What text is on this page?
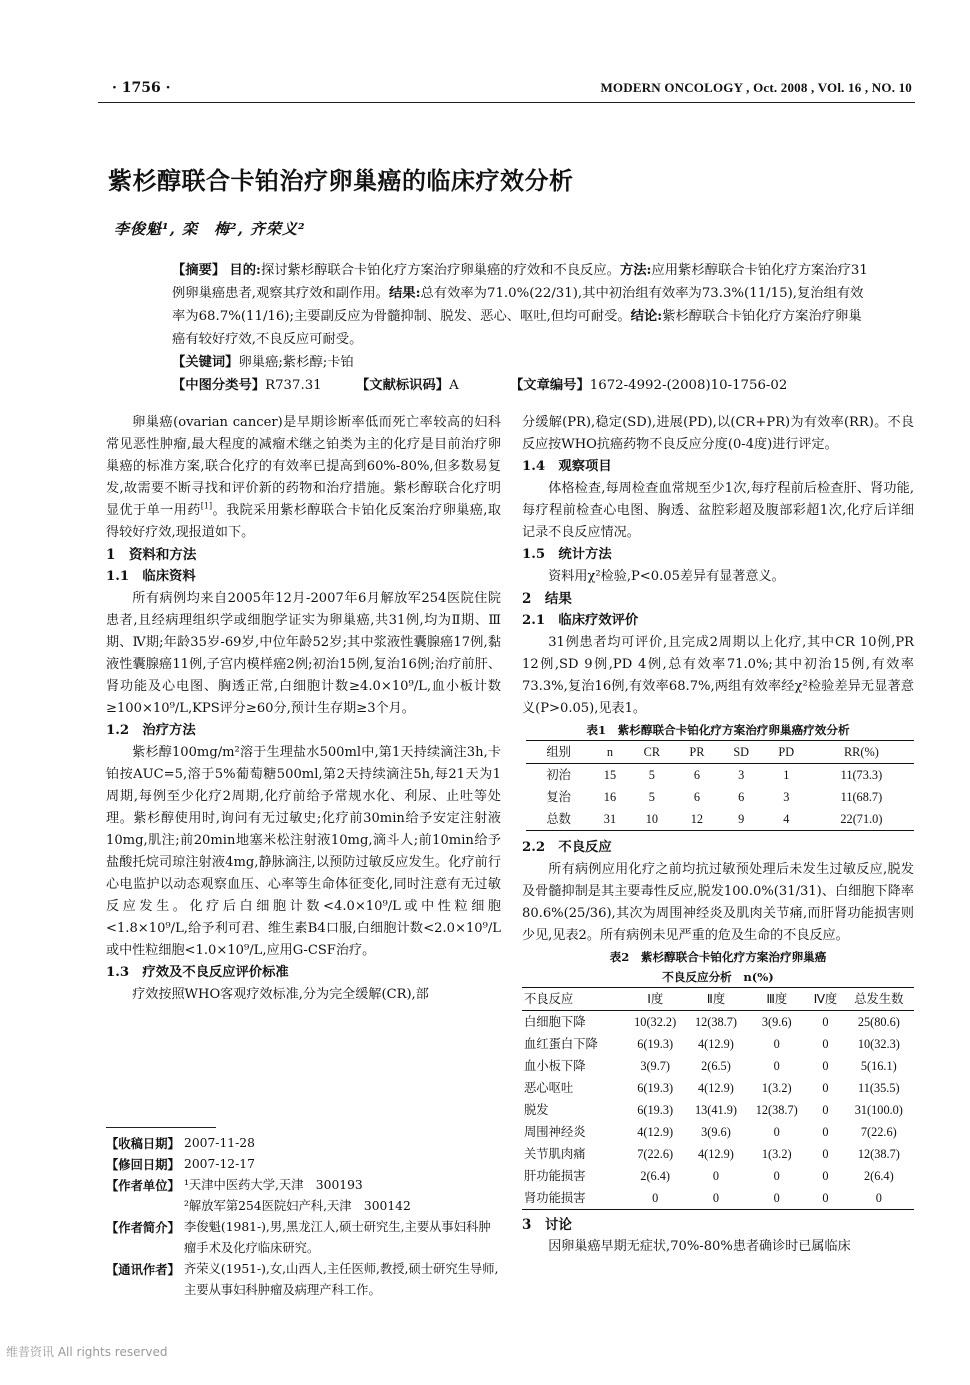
· 1756 ·	MODERN ONCOLOGY , Oct. 2008 , VOl. 16 , NO. 10
紫杉醇联合卡铂治疗卵巢癌的临床疗效分析
李俊魁¹, 栾　梅², 齐荣义²
【摘要】 目的:探讨紫杉醇联合卡铂化疗方案治疗卵巢癌的疗效和不良反应。方法:应用紫杉醇联合卡铂化疗方案治疗31例卵巢癌患者,观察其疗效和副作用。结果:总有效率为71.0%(22/31),其中初治组有效率为73.3%(11/15),复治组有效率为68.7%(11/16);主要副反应为骨髓抑制、脱发、恶心、呕吐,但均可耐受。结论:紫杉醇联合卡铂化疗方案治疗卵巢癌有较好疗效,不良反应可耐受。
【关键词】卵巢癌;紫杉醇;卡铂
【中图分类号】R737.31	【文献标识码】A	【文章编号】1672-4992-(2008)10-1756-02

卵巢癌(ovarian cancer)是早期诊断率低而死亡率较高的妇科常见恶性肿瘤,最大程度的减瘤术继之铂类为主的化疗是目前治疗卵巢癌的标准方案,联合化疗的有效率已提高到60%-80%,但多数易复发,故需要不断寻找和评价新的药物和治疗措施。紫杉醇联合化疗明显优于单一用药[1]。我院采用紫杉醇联合卡铂化反案治疗卵巢癌,取得较好疗效,现报道如下。

1　资料和方法

1.1　临床资料

所有病例均来自2005年12月-2007年6月解放军254医院住院患者,且经病理组织学或细胞学证实为卵巢癌,共31例,均为Ⅱ期、Ⅲ期、Ⅳ期;年龄35岁-69岁,中位年龄52岁;其中浆液性囊腺癌17例,黏液性囊腺癌11例,子宫内模样癌2例;初治15例,复治16例;治疗前肝、肾功能及心电图、胸透正常,白细胞计数≥4.0×10⁹/L,血小板计数≥100×10⁹/L,KPS评分≥60分,预计生存期≥3个月。

1.2　治疗方法

紫杉醇100mg/m²溶于生理盐水500ml中,第1天持续滴注3h,卡铂按AUC=5,溶于5%葡萄糖500ml,第2天持续滴注5h,每21天为1周期,每例至少化疗2周期,化疗前给予常规水化、利尿、止吐等处理。紫杉醇使用时,询问有无过敏史;化疗前30min给予安定注射液10mg,肌注;前20min地塞米松注射液10mg,滴斗人;前10min给予盐酸托烷司琼注射液4mg,静脉滴注,以预防过敏反应发生。化疗前行心电监护以动态观察血压、心率等生命体征变化,同时注意有无过敏反应发生。化疗后白细胞计数<4.0×10⁹/L或中性粒细胞<1.8×10⁹/L,给予利可君、维生素B4口服,白细胞计数<2.0×10⁹/L或中性粒细胞<1.0×10⁹/L,应用G-CSF治疗。

1.3　疗效及不良反应评价标准

疗效按照WHO客观疗效标准,分为完全缓解(CR),部

【收稿日期】 2007-11-28
【修回日期】 2007-12-17
【作者单位】 ¹天津中医药大学,天津　300193
²解放军第254医院妇产科,天津　300142
【作者简介】 李俊魁(1981-),男,黑龙江人,硕士研究生,主要从事妇科肿瘤手术及化疗临床研究。
【通讯作者】 齐荣义(1951-),女,山西人,主任医师,教授,硕士研究生导师,主要从事妇科肿瘤及病理产科工作。

分缓解(PR),稳定(SD),进展(PD),以(CR+PR)为有效率(RR)。不良反应按WHO抗癌药物不良反应分度(0-4度)进行评定。

1.4　观察项目

体格检查,每周检查血常规至少1次,每疗程前后检查肝、肾功能,每疗程前检查心电图、胸透、盆腔彩超及腹部彩超1次,化疗后详细记录不良反应情况。

1.5　统计方法

资料用χ²检验,P<0.05差异有显著意义。

2　结果

2.1　临床疗效评价

31例患者均可评价,且完成2周期以上化疗,其中CR 10例,PR 12例,SD 9例,PD 4例,总有效率71.0%;其中初治15例,有效率73.3%,复治16例,有效率68.7%,两组有效率经χ²检验差异无显著意义(P>0.05),见表1。

表1　紫杉醇联合卡铂化疗方案治疗卵巢癌疗效分析
组别	n	CR	PR	SD	PD	RR(%)
初治	15	5	6	3	1	11(73.3)
复治	16	5	6	6	3	11(68.7)
总数	31	10	12	9	4	22(71.0)

2.2　不良反应

所有病例应用化疗之前均抗过敏预处理后未发生过敏反应,脱发及骨髓抑制是其主要毒性反应,脱发100.0%(31/31)、白细胞下降率80.6%(25/36),其次为周围神经炎及肌肉关节痛,而肝肾功能损害则少见,见表2。所有病例未见严重的危及生命的不良反应。

表2　紫杉醇联合卡铂化疗方案治疗卵巢癌
不良反应分析　n(%)
不良反应	Ⅰ度	Ⅱ度	Ⅲ度	Ⅳ度	总发生数
白细胞下降	10(32.2)	12(38.7)	3(9.6)	0	25(80.6)
血红蛋白下降	6(19.3)	4(12.9)	0	0	10(32.3)
血小板下降	3(9.7)	2(6.5)	0	0	5(16.1)
恶心呕吐	6(19.3)	4(12.9)	1(3.2)	0	11(35.5)
脱发	6(19.3)	13(41.9)	12(38.7)	0	31(100.0)
周围神经炎	4(12.9)	3(9.6)	0	0	7(22.6)
关节肌肉痛	7(22.6)	4(12.9)	1(3.2)	0	12(38.7)
肝功能损害	2(6.4)	0	0	0	2(6.4)
肾功能损害	0	0	0	0	0

3　讨论

因卵巢癌早期无症状,70%-80%患者确诊时已属临床

维普资讯 All rights reserved
